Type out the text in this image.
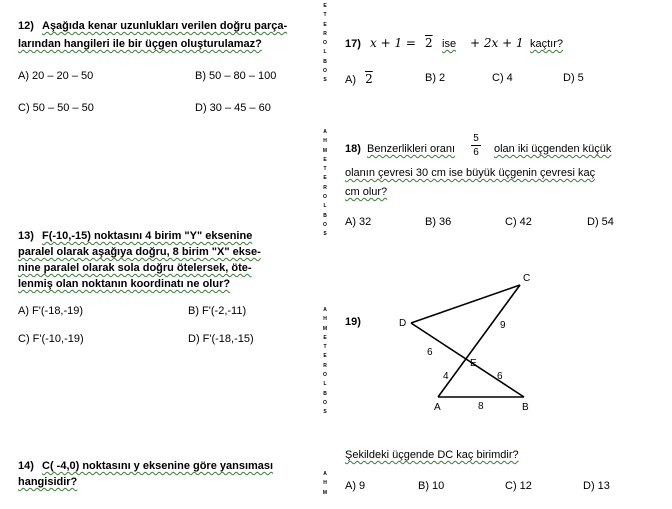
E
T
E
R
O
L
B
O
S
A
H
M
E
T
E
R
O
L
B
O
S
A
H
M
E
T
E
R
O
L
B
O
S
A
H
M
12) Aşağıda kenar uzunlukları verilen doğru parça-
larından hangileri ile bir üçgen oluşturulamaz?
A) 20 – 20 – 50	B) 50 – 80 – 100
C) 50 – 50 – 50	D) 30 – 45 – 60
13) F(-10,-15) noktasını 4 birim "Y" eksenine
paralel olarak aşağıya doğru, 8 birim "X" ekse-
nine paralel olarak sola doğru ötelersek, öte-
lenmiş olan noktanın koordinatı ne olur?
A) F'(-18,-19)	B) F'(-2,-11)
C) F'(-10,-19)	D) F'(-18,-15)
14) C( -4,0) noktasını y eksenine göre yansıması
hangisidir?
17) x + 1 = 2 ise + 2x + 1 kaçtır?
A) 2	B) 2	C) 4	D) 5
18) Benzerlikleri oranı
5
6 olan iki üçgenden küçük
olanın çevresi 30 cm ise büyük üçgenin çevresi kaç
cm olur?
A) 32	B) 36	C) 42	D) 54
19)
C
D
E
A	B
9
6
4	6
8
Şekildeki üçgende DC kaç birimdir?
A) 9	B) 10	C) 12	D) 13
